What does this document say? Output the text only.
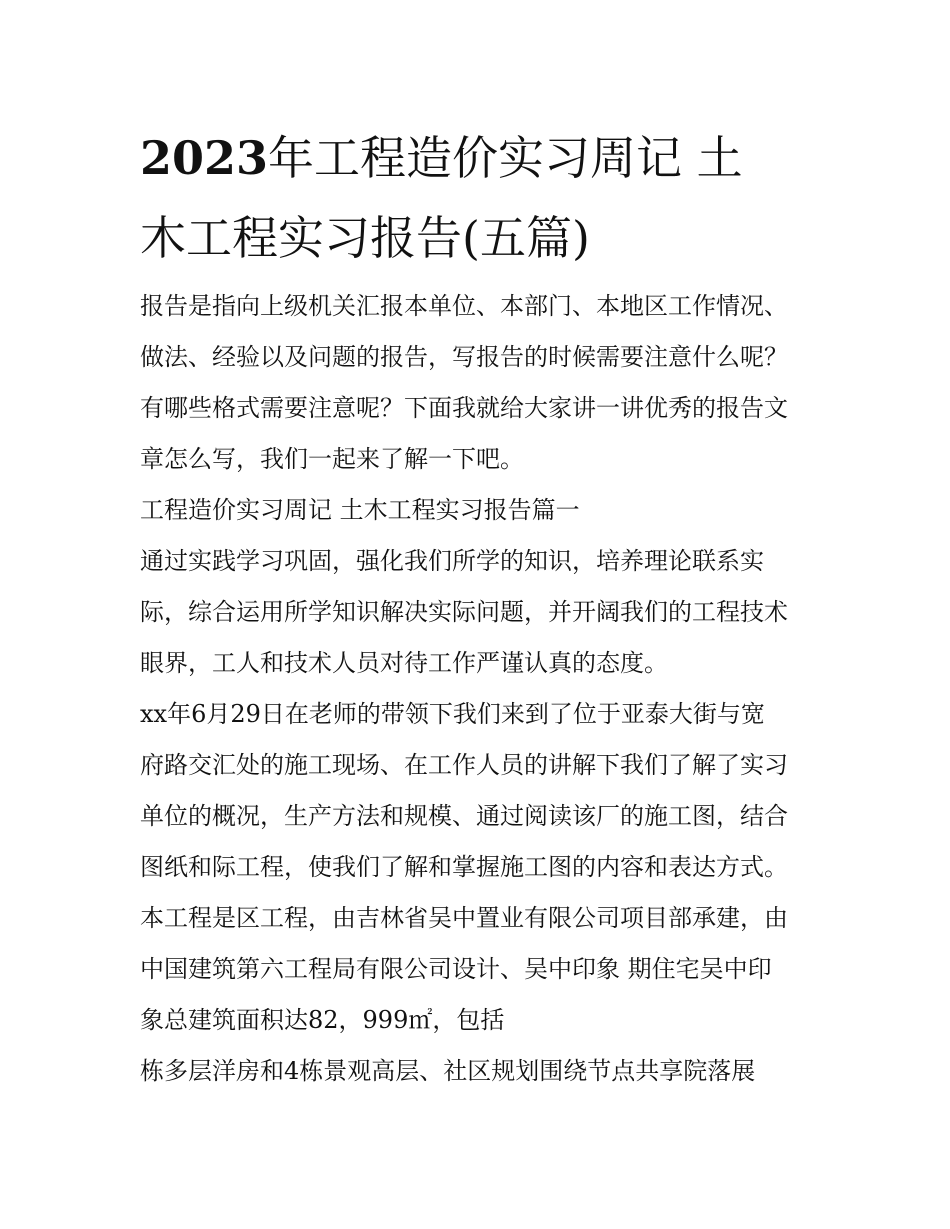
2023年工程造价实习周记 土
木工程实习报告(五篇)

报告是指向上级机关汇报本单位、本部门、本地区工作情况、

做法、经验以及问题的报告，写报告的时候需要注意什么呢？

有哪些格式需要注意呢？下面我就给大家讲一讲优秀的报告文

章怎么写，我们一起来了解一下吧。

工程造价实习周记 土木工程实习报告篇一

通过实践学习巩固，强化我们所学的知识，培养理论联系实

际，综合运用所学知识解决实际问题，并开阔我们的工程技术

眼界，工人和技术人员对待工作严谨认真的态度。

xx年6月29日在老师的带领下我们来到了位于亚泰大街与宽

府路交汇处的施工现场、在工作人员的讲解下我们了解了实习

单位的概况，生产方法和规模、通过阅读该厂的施工图，结合

图纸和际工程，使我们了解和掌握施工图的内容和表达方式。

本工程是区工程，由吉林省吴中置业有限公司项目部承建，由

中国建筑第六工程局有限公司设计、吴中印象 期住宅吴中印

象总建筑面积达82，999㎡，包括

栋多层洋房和4栋景观高层、社区规划围绕节点共享院落展
